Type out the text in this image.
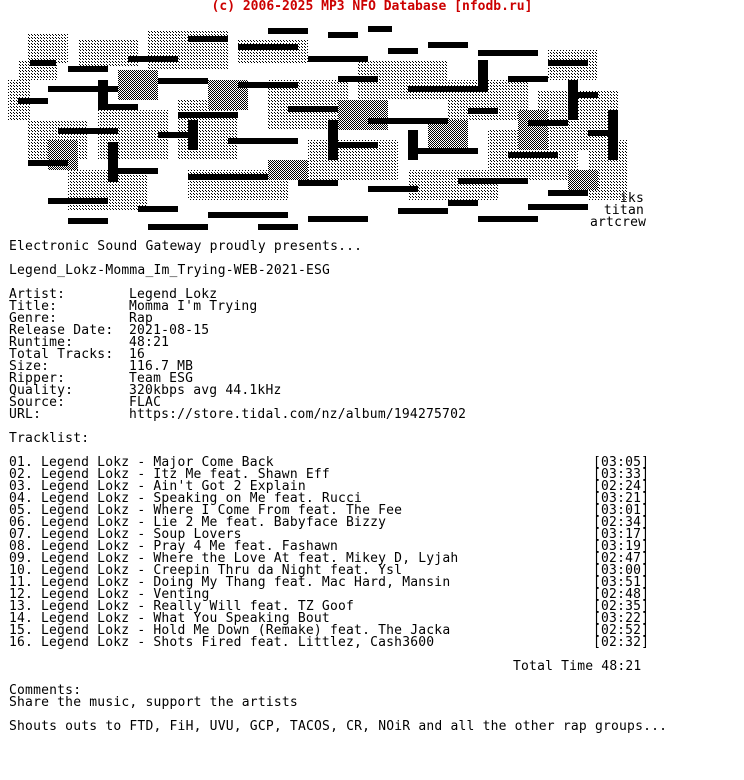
(c) 2006-2025 MP3 NFO Database [nfodb.ru]
iks
titan
artcrew
Electronic Sound Gateway proudly presents...
Legend_Lokz-Momma_Im_Trying-WEB-2021-ESG
Artist:	Legend Lokz
Title:	Momma I'm Trying
Genre:	Rap
Release Date: 2021-08-15
Runtime:	48:21
Total Tracks: 16
Size:	116.7 MB
Ripper:	Team ESG
Quality:	320kbps avg 44.1kHz
Source:	FLAC
URL:	https://store.tidal.com/nz/album/194275702
Tracklist:
01. Legend Lokz - Major Come Back	[03:05]
02. Legend Lokz - Itz Me feat. Shawn Eff	[03:33]
03. Legend Lokz - Ain't Got 2 Explain	[02:24]
04. Legend Lokz - Speaking on Me feat. Rucci	[03:21]
05. Legend Lokz - Where I Come From feat. The Fee	[03:01]
06. Legend Lokz - Lie 2 Me feat. Babyface Bizzy	[02:34]
07. Legend Lokz - Soup Lovers	[03:17]
08. Legend Lokz - Pray 4 Me feat. Fashawn	[03:19]
09. Legend Lokz - Where the Love At feat. Mikey D, Lyjah	[02:47]
10. Legend Lokz - Creepin Thru da Night feat. Ysl	[03:00]
11. Legend Lokz - Doing My Thang feat. Mac Hard, Mansin	[03:51]
12. Legend Lokz - Venting	[02:48]
13. Legend Lokz - Really Will feat. TZ Goof	[02:35]
14. Legend Lokz - What You Speaking Bout	[03:22]
15. Legend Lokz - Hold Me Down (Remake) feat. The Jacka	[02:52]
16. Legend Lokz - Shots Fired feat. Littlez, Cash3600	[02:32]
Total Time 48:21
Comments:
Share the music, support the artists
Shouts outs to FTD, FiH, UVU, GCP, TACOS, CR, NOiR and all the other rap groups...
